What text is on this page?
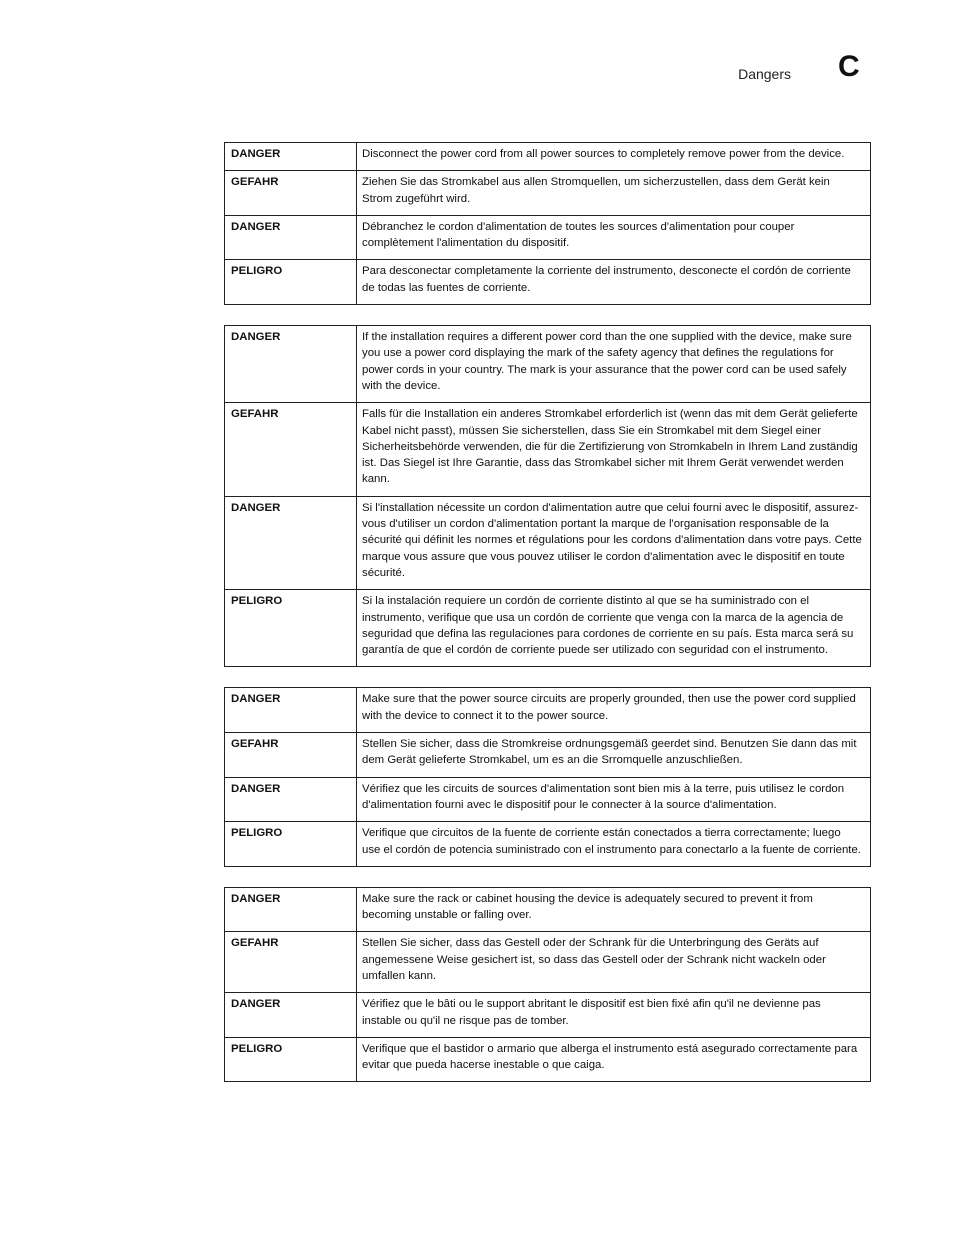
Dangers C
DANGER	Disconnect the power cord from all power sources to completely remove power from the device.
GEFAHR	Ziehen Sie das Stromkabel aus allen Stromquellen, um sicherzustellen, dass dem Gerät kein Strom zugeführt wird.
DANGER	Débranchez le cordon d'alimentation de toutes les sources d'alimentation pour couper complètement l'alimentation du dispositif.
PELIGRO	Para desconectar completamente la corriente del instrumento, desconecte el cordón de corriente de todas las fuentes de corriente.
DANGER	If the installation requires a different power cord than the one supplied with the device, make sure you use a power cord displaying the mark of the safety agency that defines the regulations for power cords in your country. The mark is your assurance that the power cord can be used safely with the device.
GEFAHR	Falls für die Installation ein anderes Stromkabel erforderlich ist (wenn das mit dem Gerät gelieferte Kabel nicht passt), müssen Sie sicherstellen, dass Sie ein Stromkabel mit dem Siegel einer Sicherheitsbehörde verwenden, die für die Zertifizierung von Stromkabeln in Ihrem Land zuständig ist. Das Siegel ist Ihre Garantie, dass das Stromkabel sicher mit Ihrem Gerät verwendet werden kann.
DANGER	Si l'installation nécessite un cordon d'alimentation autre que celui fourni avec le dispositif, assurez-vous d'utiliser un cordon d'alimentation portant la marque de l'organisation responsable de la sécurité qui définit les normes et régulations pour les cordons d'alimentation dans votre pays. Cette marque vous assure que vous pouvez utiliser le cordon d'alimentation avec le dispositif en toute sécurité.
PELIGRO	Si la instalación requiere un cordón de corriente distinto al que se ha suministrado con el instrumento, verifique que usa un cordón de corriente que venga con la marca de la agencia de seguridad que defina las regulaciones para cordones de corriente en su país. Esta marca será su garantía de que el cordón de corriente puede ser utilizado con seguridad con el instrumento.
DANGER	Make sure that the power source circuits are properly grounded, then use the power cord supplied with the device to connect it to the power source.
GEFAHR	Stellen Sie sicher, dass die Stromkreise ordnungsgemäß geerdet sind. Benutzen Sie dann das mit dem Gerät gelieferte Stromkabel, um es an die Srromquelle anzuschließen.
DANGER	Vérifiez que les circuits de sources d'alimentation sont bien mis à la terre, puis utilisez le cordon d'alimentation fourni avec le dispositif pour le connecter à la source d'alimentation.
PELIGRO	Verifique que circuitos de la fuente de corriente están conectados a tierra correctamente; luego use el cordón de potencia suministrado con el instrumento para conectarlo a la fuente de corriente.
DANGER	Make sure the rack or cabinet housing the device is adequately secured to prevent it from becoming unstable or falling over.
GEFAHR	Stellen Sie sicher, dass das Gestell oder der Schrank für die Unterbringung des Geräts auf angemessene Weise gesichert ist, so dass das Gestell oder der Schrank nicht wackeln oder umfallen kann.
DANGER	Vérifiez que le bâti ou le support abritant le dispositif est bien fixé afin qu'il ne devienne pas instable ou qu'il ne risque pas de tomber.
PELIGRO	Verifique que el bastidor o armario que alberga el instrumento está asegurado correctamente para evitar que pueda hacerse inestable o que caiga.
